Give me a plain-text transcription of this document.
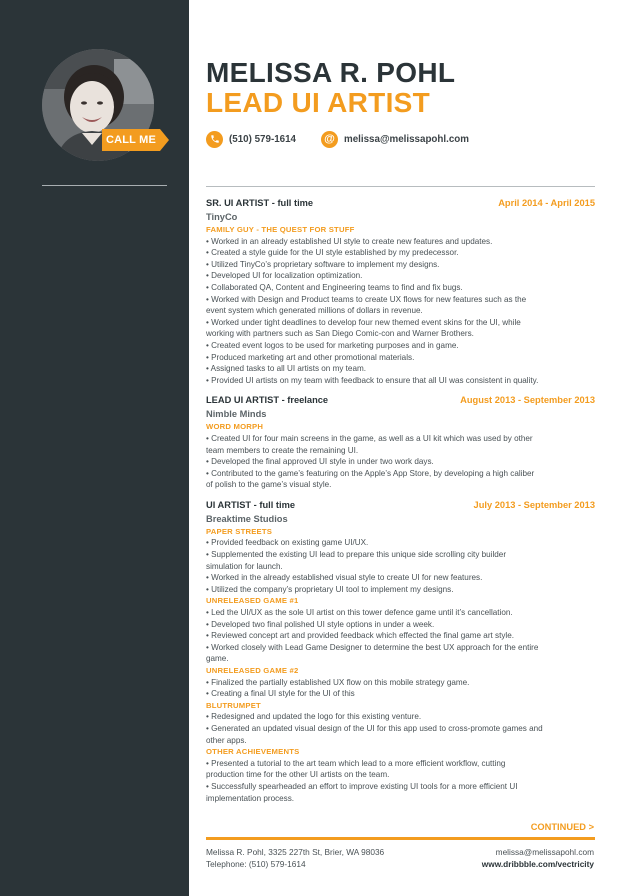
CALL ME
MELISSA R. POHL
LEAD UI ARTIST
(510) 579-1614	@ melissa@melissapohl.com
SR. UI ARTIST - full time	April 2014 - April 2015
TinyCo
FAMILY GUY - THE QUEST FOR STUFF
• Worked in an already established UI style to create new features and updates.
• Created a style guide for the UI style established by my predecessor.
• Utilized TinyCo’s proprietary software to implement my designs.
• Developed UI for localization optimization.
• Collaborated QA, Content and Engineering teams to find and fix bugs.
• Worked with Design and Product teams to create UX flows for new features such as the
event system which generated millions of dollars in revenue.
• Worked under tight deadlines to develop four new themed event skins for the UI, while
working with partners such as San Diego Comic-con and Warner Brothers.
• Created event logos to be used for marketing purposes and in game.
• Produced marketing art and other promotional materials.
• Assigned tasks to all UI artists on my team.
• Provided UI artists on my team with feedback to ensure that all UI was consistent in quality.
LEAD UI ARTIST - freelance	August 2013 - September 2013
Nimble Minds
WORD MORPH
• Created UI for four main screens in the game, as well as a UI kit which was used by other
team members to create the remaining UI.
• Developed the final approved UI style in under two work days.
• Contributed to the game’s featuring on the Apple’s App Store, by developing a high caliber
of polish to the game’s visual style.
UI ARTIST - full time	July 2013 - September 2013
Breaktime Studios
PAPER STREETS
• Provided feedback on existing game UI/UX.
• Supplemented the existing UI lead to prepare this unique side scrolling city builder
simulation for launch.
• Worked in the already established visual style to create UI for new features.
• Utilized the company’s proprietary UI tool to implement my designs.
UNRELEASED GAME #1
• Led the UI/UX as the sole UI artist on this tower defence game until it’s cancellation.
• Developed two final polished UI style options in under a week.
• Reviewed concept art and provided feedback which effected the final game art style.
• Worked closely with Lead Game Designer to determine the best UX approach for the entire
game.
UNRELEASED GAME #2
• Finalized the partially established UX flow on this mobile strategy game.
• Creating a final UI style for the UI of this
BLUTRUMPET
• Redesigned and updated the logo for this existing venture.
• Generated an updated visual design of the UI for this app used to cross-promote games and
other apps.
OTHER ACHIEVEMENTS
• Presented a tutorial to the art team which lead to a more efficient workflow, cutting
production time for the other UI artists on the team.
• Successfully spearheaded an effort to improve existing UI tools for a more efficient UI
implementation process.
CONTINUED >
Melissa R. Pohl, 3325 227th St, Brier, WA 98036
Telephone: (510) 579-1614
melissa@melissapohl.com
www.dribbble.com/vectricity
